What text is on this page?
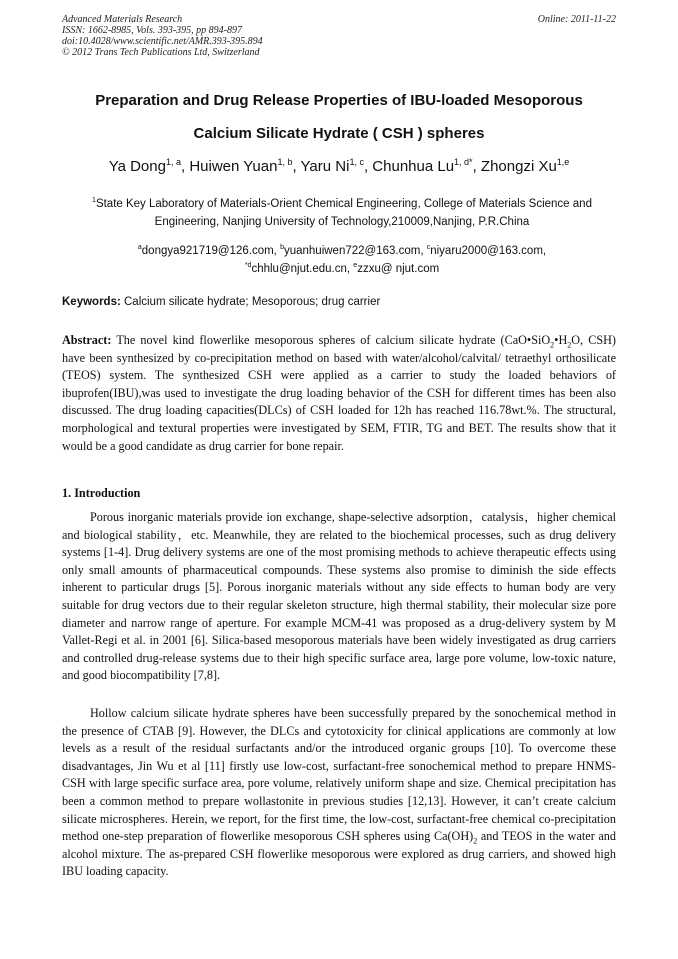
Advanced Materials Research
ISSN: 1662-8985, Vols. 393-395, pp 894-897
doi:10.4028/www.scientific.net/AMR.393-395.894
© 2012 Trans Tech Publications Ltd, Switzerland
Online: 2011-11-22
Preparation and Drug Release Properties of IBU-loaded Mesoporous
Calcium Silicate Hydrate ( CSH ) spheres
Ya Dong$^{1, a}$, Huiwen Yuan$^{1, b}$, Yaru Ni$^{1, c}$, Chunhua $Lu^{1, d*}$, Zhongzi Xu$^{1,e}$
$^1$State Key Laboratory of Materials-Orient Chemical Engineering, College of Materials Science and Engineering, Nanjing University of Technology,210009,Nanjing, P.R.China
$^a$dongya921719@126.com, $^b$yuanhuiwen722@163.com, $^c$niyaru2000@163.com,
$^{*d}$chhlu@njut.edu.cn, $^e$zzxu@ njut.com
Keywords: Calcium silicate hydrate; Mesoporous; drug carrier
Abstract: The novel kind flowerlike mesoporous spheres of calcium silicate hydrate ($CaO•SiO_2•H_2O$, CSH) have been synthesized by co-precipitation method on based with water/alcohol/calvital/ tetraethyl orthosilicate (TEOS) system. The synthesized CSH were applied as a carrier to study the loaded behaviors of ibuprofen(IBU),was used to investigate the drug loading behavior of the CSH for different times has been also discussed. The drug loading capacities(DLCs) of CSH loaded for 12h has reached 116.78wt.%. The structural, morphological and textural properties were investigated by SEM, FTIR, TG and BET. The results show that it would be a good candidate as drug carrier for bone repair.
1. Introduction
Porous inorganic materials provide ion exchange, shape-selective adsorption，catalysis，higher chemical and biological stability，etc. Meanwhile, they are related to the biochemical processes, such as drug delivery systems [1-4]. Drug delivery systems are one of the most promising methods to achieve therapeutic effects using only small amounts of pharmaceutical compounds. These systems also promise to diminish the side effects inherent to particular drugs [5]. Porous inorganic materials without any side effects to human body are very suitable for drug vectors due to their regular skeleton structure, high thermal stability, their molecular size pore diameter and narrow range of aperture. For example MCM-41 was proposed as a drug-delivery system by M Vallet-Regi et al. in 2001 [6]. Silica-based mesoporous materials have been widely investigated as drug carriers and controlled drug-release systems due to their high specific surface area, large pore volume, low-toxic nature, and good biocompatibility [7,8].
Hollow calcium silicate hydrate spheres have been successfully prepared by the sonochemical method in the presence of CTAB [9]. However, the DLCs and cytotoxicity for clinical applications are commonly at low levels as a result of the residual surfactants and/or the introduced organic groups [10]. To overcome these disadvantages, Jin Wu et al [11] firstly use low-cost, surfactant-free sonochemical method to prepare HNMS-CSH with large specific surface area, pore volume, relatively uniform shape and size. Chemical precipitation has been a common method to prepare wollastonite in previous studies [12,13]. However, it can’t create calcium silicate microspheres. Herein, we report, for the first time, the low-cost, surfactant-free chemical co-precipitation method one-step preparation of flowerlike mesoporous CSH spheres using $Ca(OH)_2$ and TEOS in the water and alcohol mixture. The as-prepared CSH flowerlike mesoporous were explored as drug carriers, and showed high IBU loading capacity.
